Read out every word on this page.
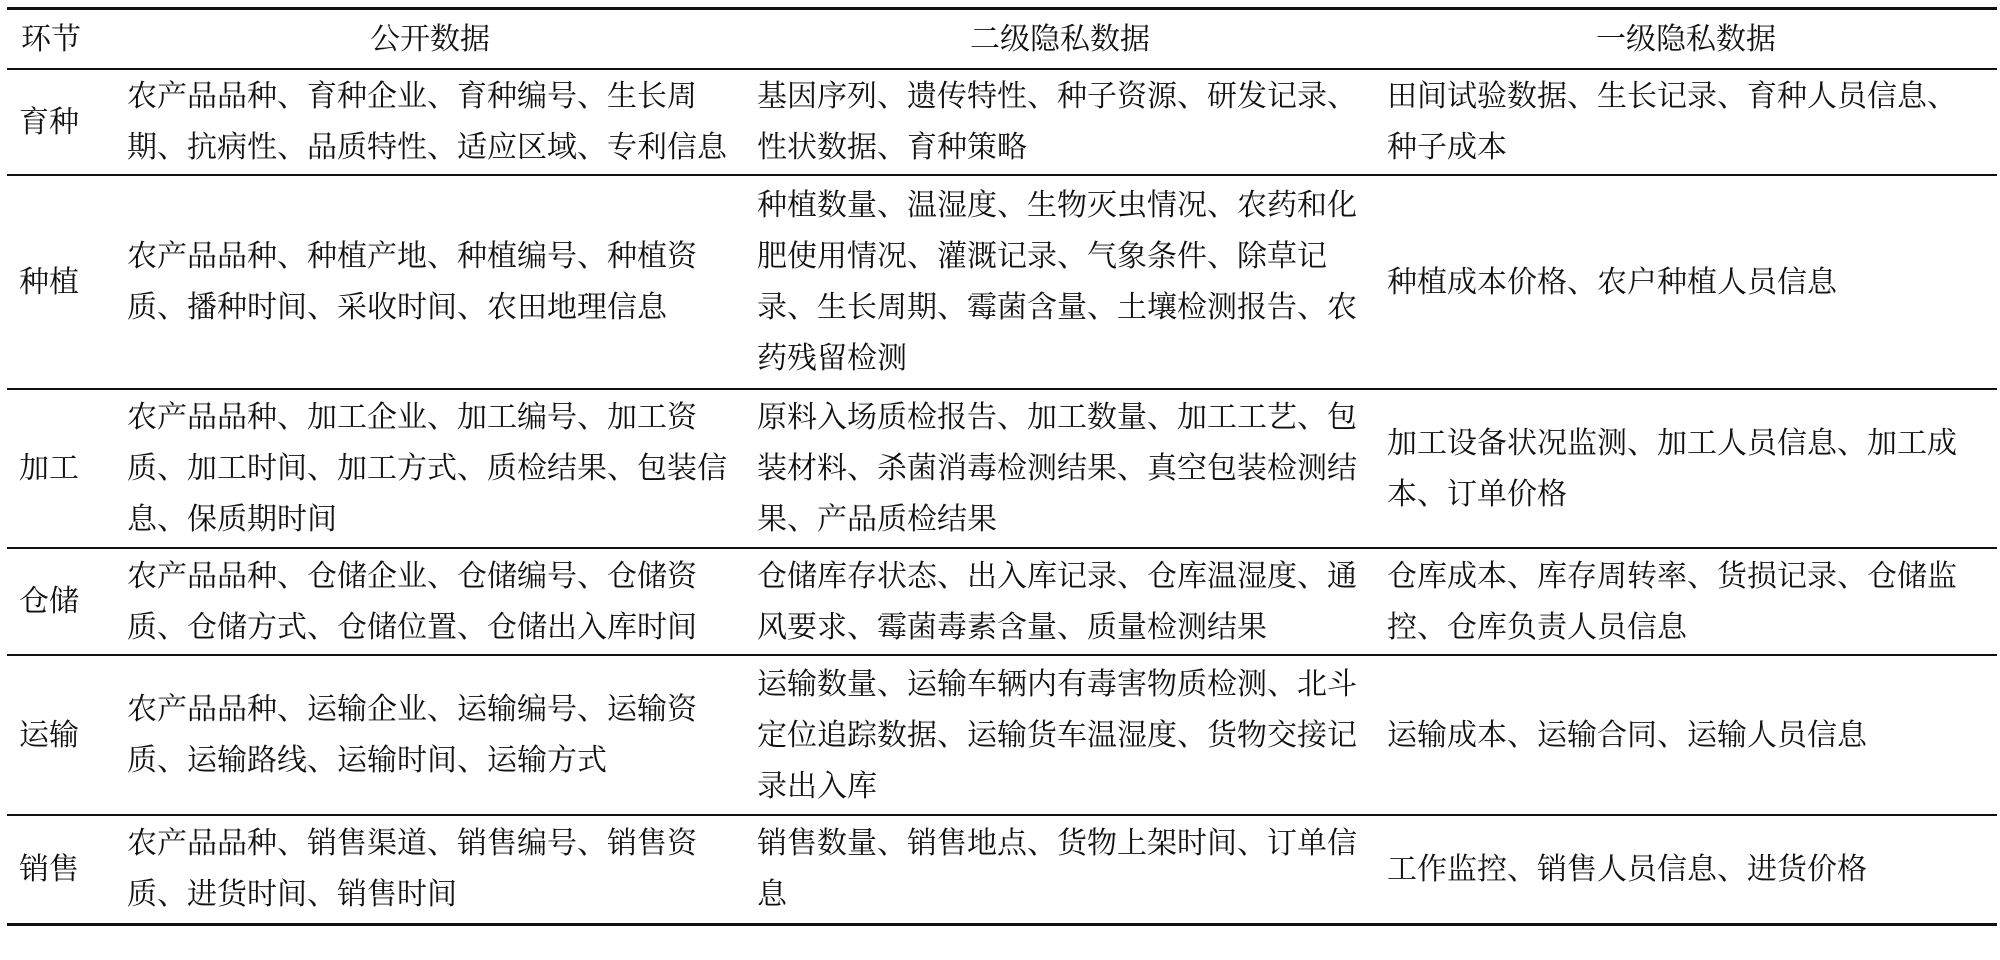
环节	公开数据	二级隐私数据	一级隐私数据
育种	农产品品种、育种企业、育种编号、生长周期、抗病性、品质特性、适应区域、专利信息	基因序列、遗传特性、种子资源、研发记录、性状数据、育种策略	田间试验数据、生长记录、育种人员信息、种子成本
种植	农产品品种、种植产地、种植编号、种植资质、播种时间、采收时间、农田地理信息	种植数量、温湿度、生物灭虫情况、农药和化肥使用情况、灌溉记录、气象条件、除草记录、生长周期、霉菌含量、土壤检测报告、农药残留检测	种植成本价格、农户种植人员信息
加工	农产品品种、加工企业、加工编号、加工资质、加工时间、加工方式、质检结果、包装信息、保质期时间	原料入场质检报告、加工数量、加工工艺、包装材料、杀菌消毒检测结果、真空包装检测结果、产品质检结果	加工设备状况监测、加工人员信息、加工成本、订单价格
仓储	农产品品种、仓储企业、仓储编号、仓储资质、仓储方式、仓储位置、仓储出入库时间	仓储库存状态、出入库记录、仓库温湿度、通风要求、霉菌毒素含量、质量检测结果	仓库成本、库存周转率、货损记录、仓储监控、仓库负责人员信息
运输	农产品品种、运输企业、运输编号、运输资质、运输路线、运输时间、运输方式	运输数量、运输车辆内有毒害物质检测、北斗定位追踪数据、运输货车温湿度、货物交接记录出入库	运输成本、运输合同、运输人员信息
销售	农产品品种、销售渠道、销售编号、销售资质、进货时间、销售时间	销售数量、销售地点、货物上架时间、订单信息	工作监控、销售人员信息、进货价格
